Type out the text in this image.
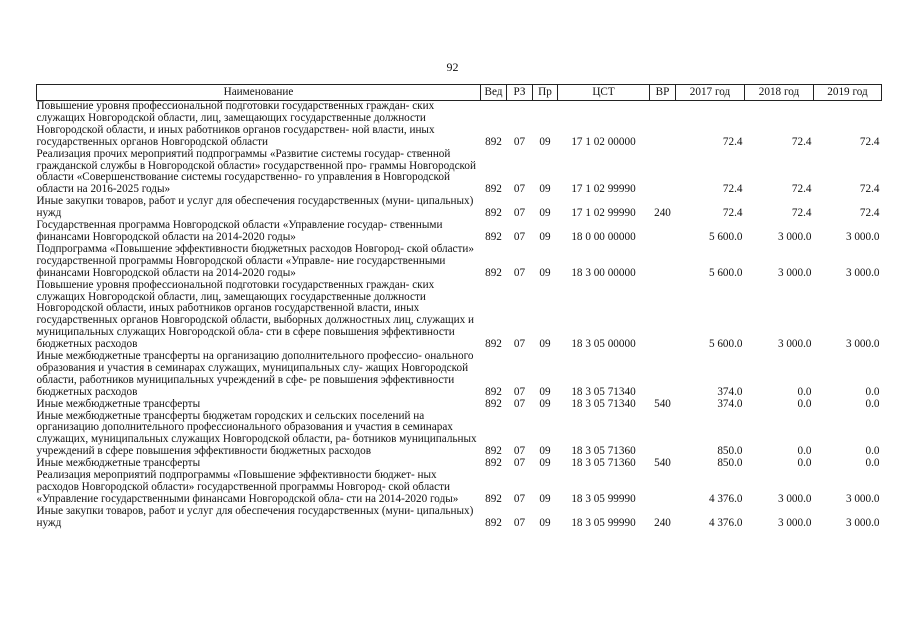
92
Наименование	Вед	РЗ	Пр	ЦСТ	ВР	2017 год	2018 год	2019 год
Повышение уровня профессиональной подготовки государственных граждан- ских служащих Новгородской области, лиц, замещающих государственные должности Новгородской области, и иных работников органов государствен- ной власти, иных государственных органов Новгородской области	892	07	09	17 1 02 00000		72.4	72.4	72.4
Реализация прочих мероприятий подпрограммы «Развитие системы государ- ственной гражданской службы в Новгородской области» государственной про- граммы Новгородской области «Совершенствование системы государственно- го управления в Новгородской области на 2016-2025 годы»	892	07	09	17 1 02 99990		72.4	72.4	72.4
Иные закупки товаров, работ и услуг для обеспечения государственных (муни- ципальных) нужд	892	07	09	17 1 02 99990	240	72.4	72.4	72.4
Государственная программа Новгородской области «Управление государ- ственными финансами Новгородской области на 2014-2020 годы»	892	07	09	18 0 00 00000		5 600.0	3 000.0	3 000.0
Подпрограмма «Повышение эффективности бюджетных расходов Новгород- ской области» государственной программы Новгородской области «Управле- ние государственными финансами Новгородской области на 2014-2020 годы»	892	07	09	18 3 00 00000		5 600.0	3 000.0	3 000.0
Повышение уровня профессиональной подготовки государственных граждан- ских служащих Новгородской области, лиц, замещающих государственные должности Новгородской области, иных работников органов государственной власти, иных государственных органов Новгородской области, выборных должностных лиц, служащих и муниципальных служащих Новгородской обла- сти в сфере повышения эффективности бюджетных расходов	892	07	09	18 3 05 00000		5 600.0	3 000.0	3 000.0
Иные межбюджетные трансферты на организацию дополнительного профессио- онального образования и участия в семинарах служащих, муниципальных слу- жащих Новгородской области, работников муниципальных учреждений в сфе- ре повышения эффективности бюджетных расходов	892	07	09	18 3 05 71340		374.0	0.0	0.0
Иные межбюджетные трансферты	892	07	09	18 3 05 71340	540	374.0	0.0	0.0
Иные межбюджетные трансферты бюджетам городских и сельских поселений на организацию дополнительного профессионального образования и участия в семинарах служащих, муниципальных служащих Новгородской области, ра- ботников муниципальных учреждений в сфере повышения эффективности бюджетных расходов	892	07	09	18 3 05 71360		850.0	0.0	0.0
Иные межбюджетные трансферты	892	07	09	18 3 05 71360	540	850.0	0.0	0.0
Реализация мероприятий подпрограммы «Повышение эффективности бюджет- ных расходов Новгородской области» государственной программы Новгород- ской области «Управление государственными финансами Новгородской обла- сти на 2014-2020 годы»	892	07	09	18 3 05 99990		4 376.0	3 000.0	3 000.0
Иные закупки товаров, работ и услуг для обеспечения государственных (муни- ципальных) нужд	892	07	09	18 3 05 99990	240	4 376.0	3 000.0	3 000.0
